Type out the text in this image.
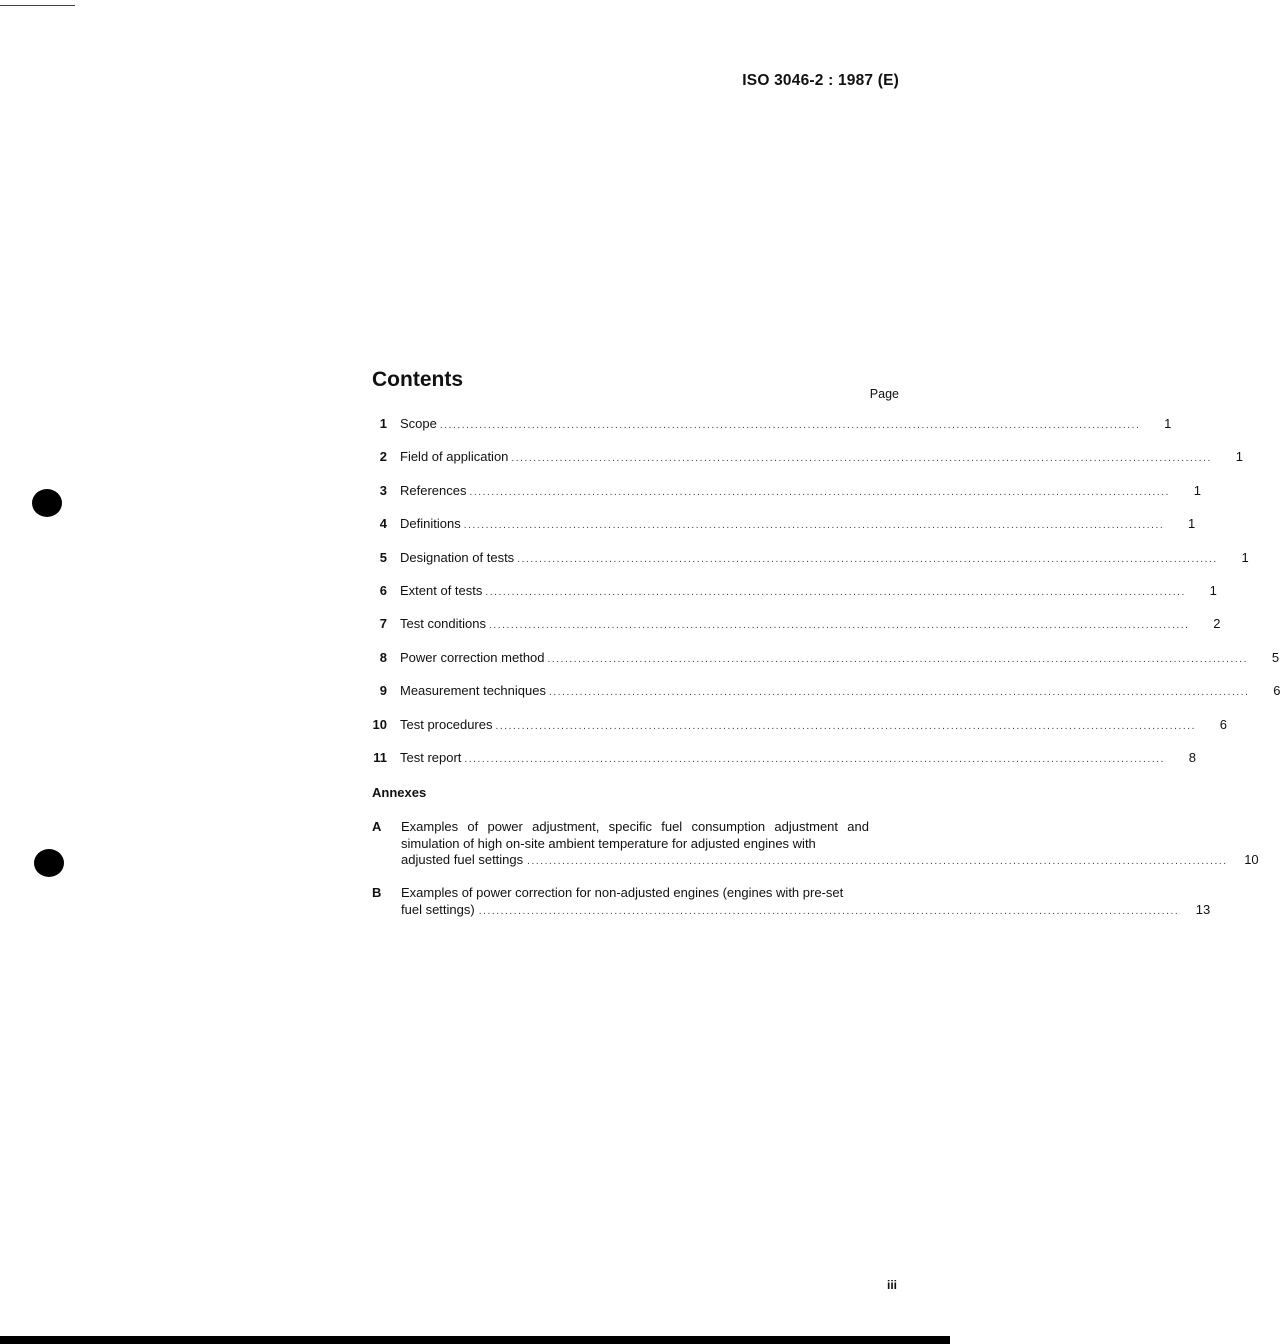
ISO 3046-2 : 1987 (E)
Contents
Page
1 Scope ................................................................................................................................................................	1
2 Field of application ................................................................................................................................................................	1
3 References ................................................................................................................................................................	1
4 Definitions ................................................................................................................................................................	1
5 Designation of tests ................................................................................................................................................................	1
6 Extent of tests ................................................................................................................................................................	1
7 Test conditions ................................................................................................................................................................	2
8 Power correction method ................................................................................................................................................................	5
9 Measurement techniques ................................................................................................................................................................	6
10 Test procedures ................................................................................................................................................................	6
11 Test report ................................................................................................................................................................	8
Annexes
A Examples of power adjustment, specific fuel consumption adjustment and simulation of high on-site ambient temperature for adjusted engines with
adjusted fuel settings ................................................................................................................................................................	10
B Examples of power correction for non-adjusted engines (engines with pre-set
fuel settings) ................................................................................................................................................................	13
iii
